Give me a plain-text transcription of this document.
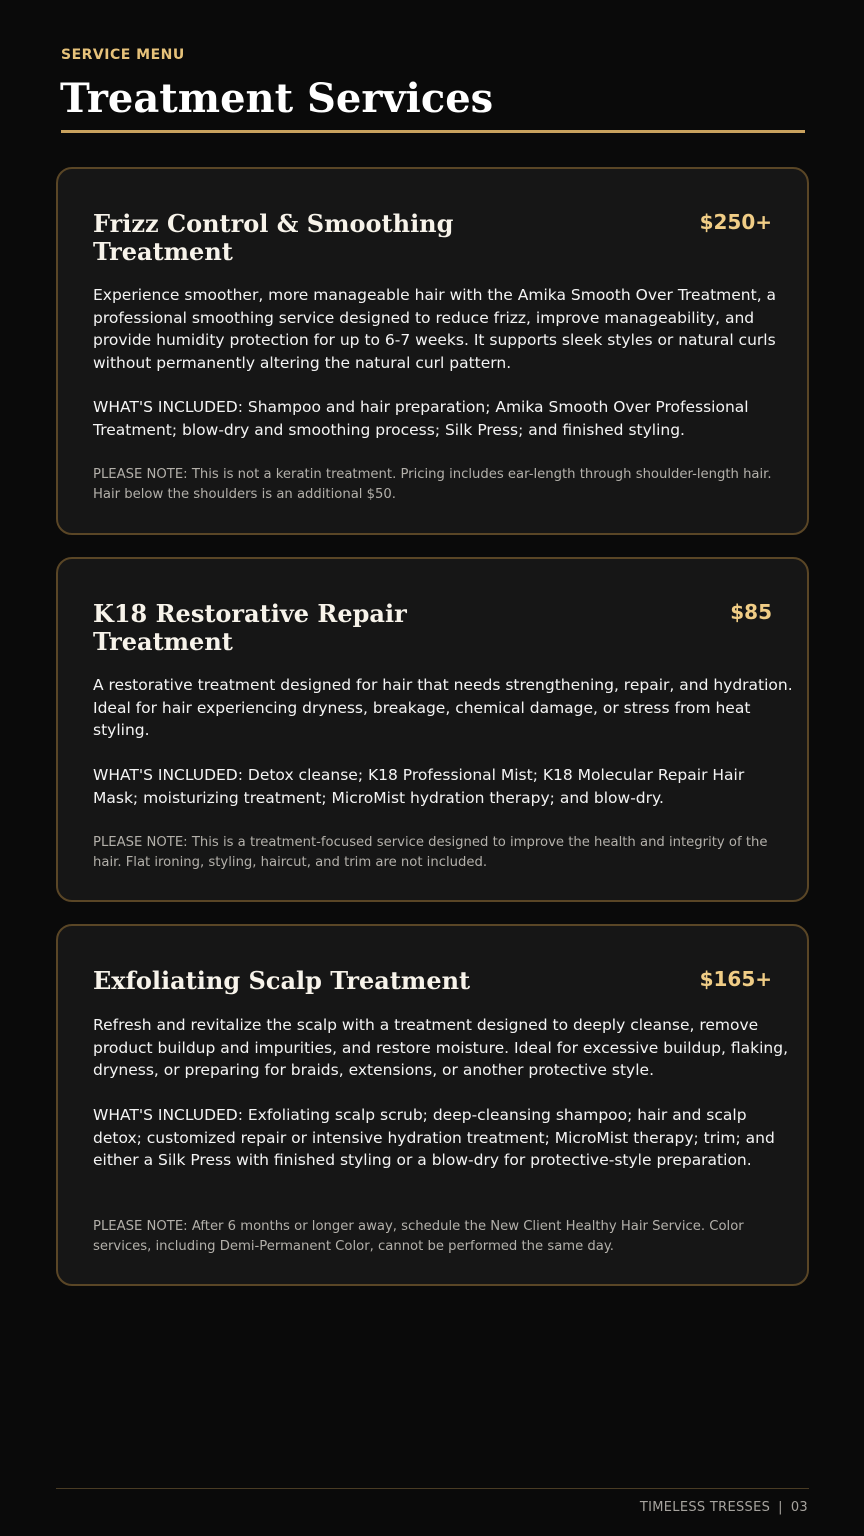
SERVICE MENU
Treatment Services
Frizz Control & Smoothing Treatment
$250+

Experience smoother, more manageable hair with the Amika Smooth Over Treatment, a professional smoothing service designed to reduce frizz, improve manageability, and provide humidity protection for up to 6-7 weeks. It supports sleek styles or natural curls without permanently altering the natural curl pattern.

WHAT'S INCLUDED: Shampoo and hair preparation; Amika Smooth Over Professional Treatment; blow-dry and smoothing process; Silk Press; and finished styling.

PLEASE NOTE: This is not a keratin treatment. Pricing includes ear-length through shoulder-length hair. Hair below the shoulders is an additional $50.

K18 Restorative Repair Treatment
$85

A restorative treatment designed for hair that needs strengthening, repair, and hydration. Ideal for hair experiencing dryness, breakage, chemical damage, or stress from heat styling.

WHAT'S INCLUDED: Detox cleanse; K18 Professional Mist; K18 Molecular Repair Hair Mask; moisturizing treatment; MicroMist hydration therapy; and blow-dry.

PLEASE NOTE: This is a treatment-focused service designed to improve the health and integrity of the hair. Flat ironing, styling, haircut, and trim are not included.

Exfoliating Scalp Treatment	$165+

Refresh and revitalize the scalp with a treatment designed to deeply cleanse, remove product buildup and impurities, and restore moisture. Ideal for excessive buildup, flaking, dryness, or preparing for braids, extensions, or another protective style.

WHAT'S INCLUDED: Exfoliating scalp scrub; deep-cleansing shampoo; hair and scalp detox; customized repair or intensive hydration treatment; MicroMist therapy; trim; and either a Silk Press with finished styling or a blow-dry for protective-style preparation.

PLEASE NOTE: After 6 months or longer away, schedule the New Client Healthy Hair Service. Color services, including Demi-Permanent Color, cannot be performed the same day.

TIMELESS TRESSES | 03
